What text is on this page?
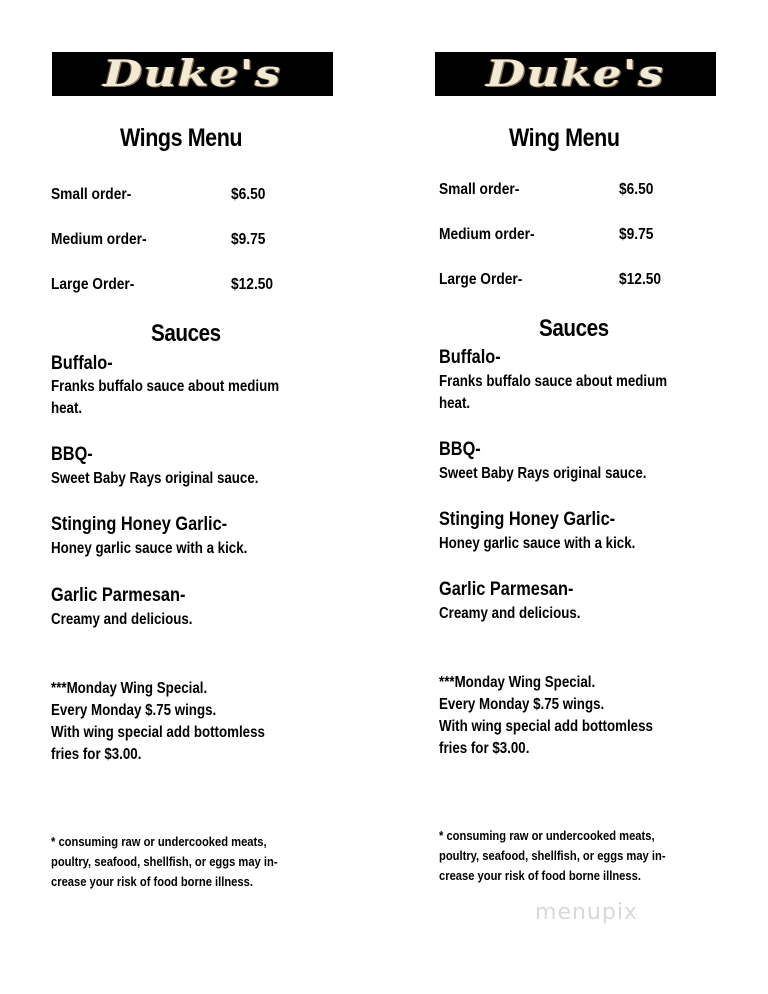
Duke's
Wings Menu
Small order-	$6.50
Medium order-	$9.75
Large Order-	$12.50
Sauces
Buffalo-
Franks buffalo sauce about medium heat.
BBQ-
Sweet Baby Rays original sauce.
Stinging Honey Garlic-
Honey garlic sauce with a kick.
Garlic Parmesan-
Creamy and delicious.
***Monday Wing Special.
Every Monday $.75 wings.
With wing special add bottomless
fries for $3.00.
* consuming raw or undercooked meats,
poultry, seafood, shellfish, or eggs may in-
crease your risk of food borne illness.
Duke's
Wing Menu
Small order-	$6.50
Medium order-	$9.75
Large Order-	$12.50
Sauces
Buffalo-
Franks buffalo sauce about medium heat.
BBQ-
Sweet Baby Rays original sauce.
Stinging Honey Garlic-
Honey garlic sauce with a kick.
Garlic Parmesan-
Creamy and delicious.
***Monday Wing Special.
Every Monday $.75 wings.
With wing special add bottomless
fries for $3.00.
* consuming raw or undercooked meats,
poultry, seafood, shellfish, or eggs may in-
crease your risk of food borne illness.
menupix
